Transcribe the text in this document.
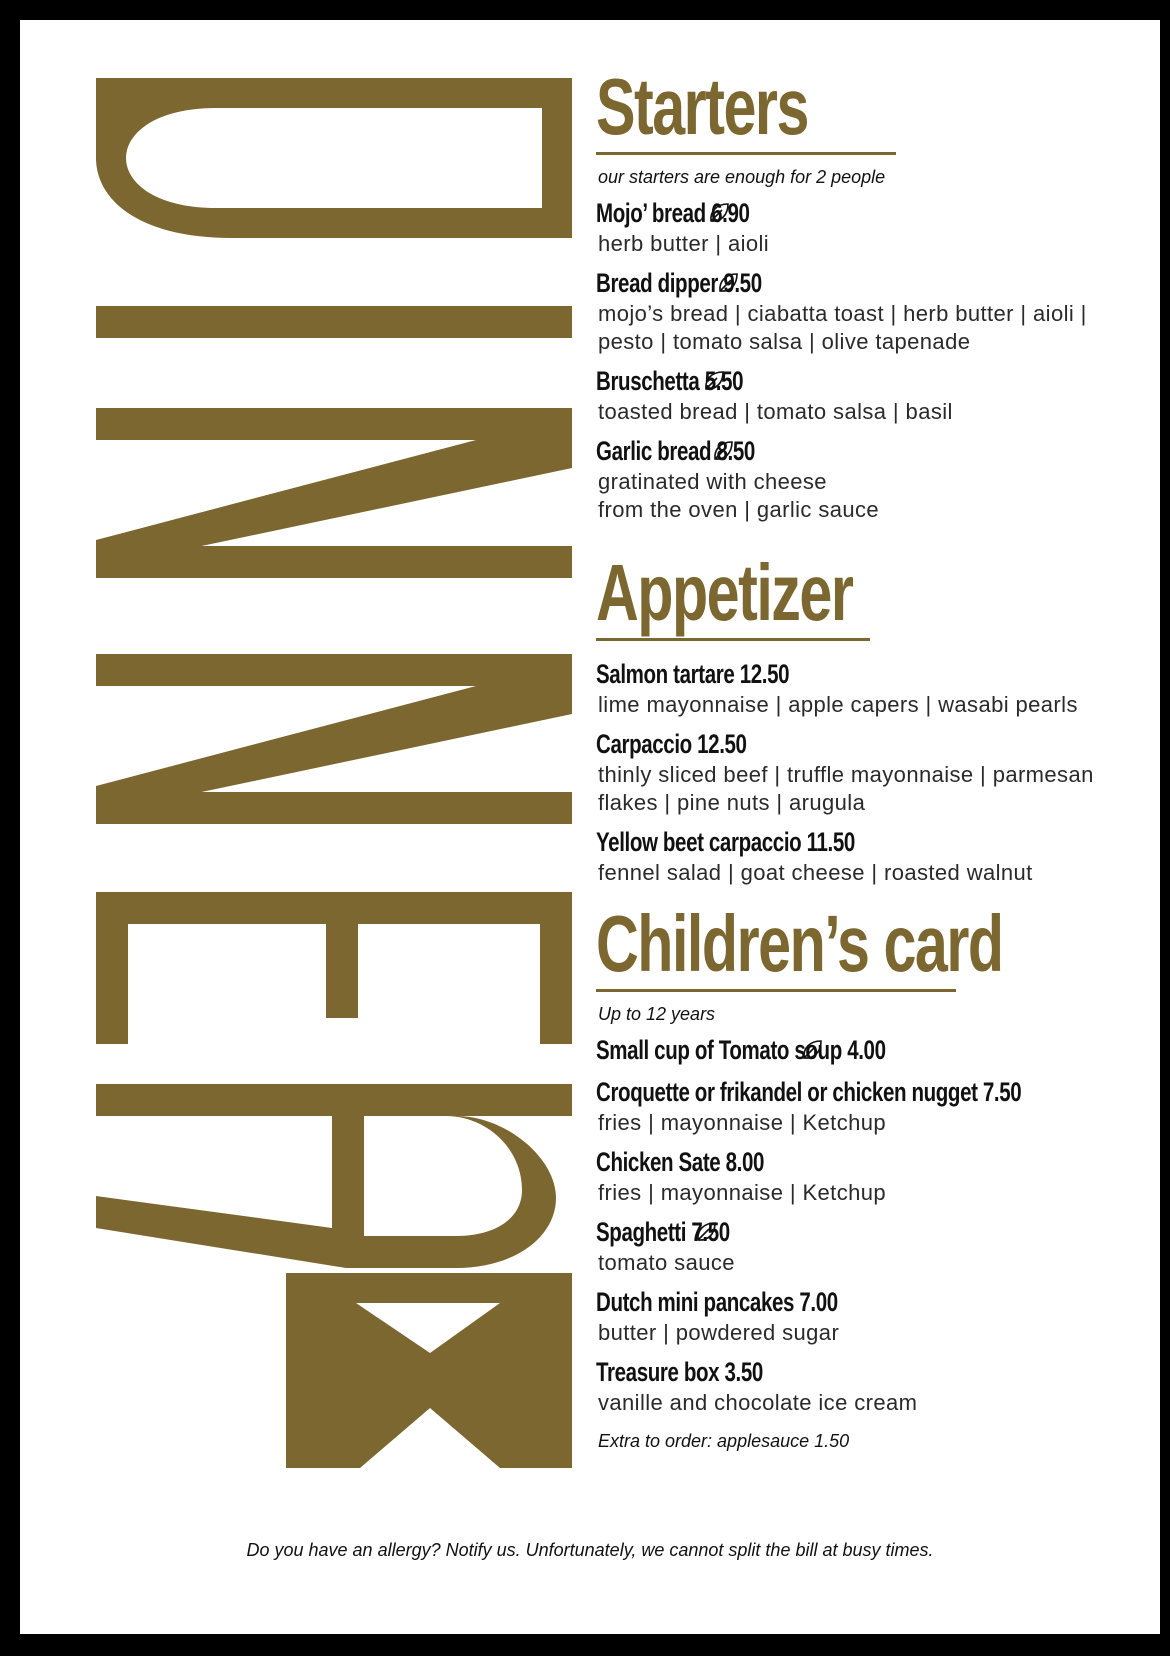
Starters
our starters are enough for 2 people
Mojo’ bread 6.90
herb butter | aioli
Bread dipper 9.50
mojo’s bread | ciabatta toast | herb butter | aioli |
pesto | tomato salsa | olive tapenade
Bruschetta 5.50
toasted bread | tomato salsa | basil
Garlic bread 8.50
gratinated with cheese
from the oven | garlic sauce
Appetizer
Salmon tartare 12.50
lime mayonnaise | apple capers | wasabi pearls
Carpaccio 12.50
thinly sliced beef | truffle mayonnaise | parmesan
flakes | pine nuts | arugula
Yellow beet carpaccio 11.50
fennel salad | goat cheese | roasted walnut
Children’s card
Up to 12 years
Small cup of Tomato soup 4.00
Croquette or frikandel or chicken nugget 7.50
fries | mayonnaise | Ketchup
Chicken Sate 8.00
fries | mayonnaise | Ketchup
Spaghetti 7.50
tomato sauce
Dutch mini pancakes 7.00
butter | powdered sugar
Treasure box 3.50
vanille and chocolate ice cream
Extra to order: applesauce 1.50
Do you have an allergy? Notify us. Unfortunately, we cannot split the bill at busy times.
